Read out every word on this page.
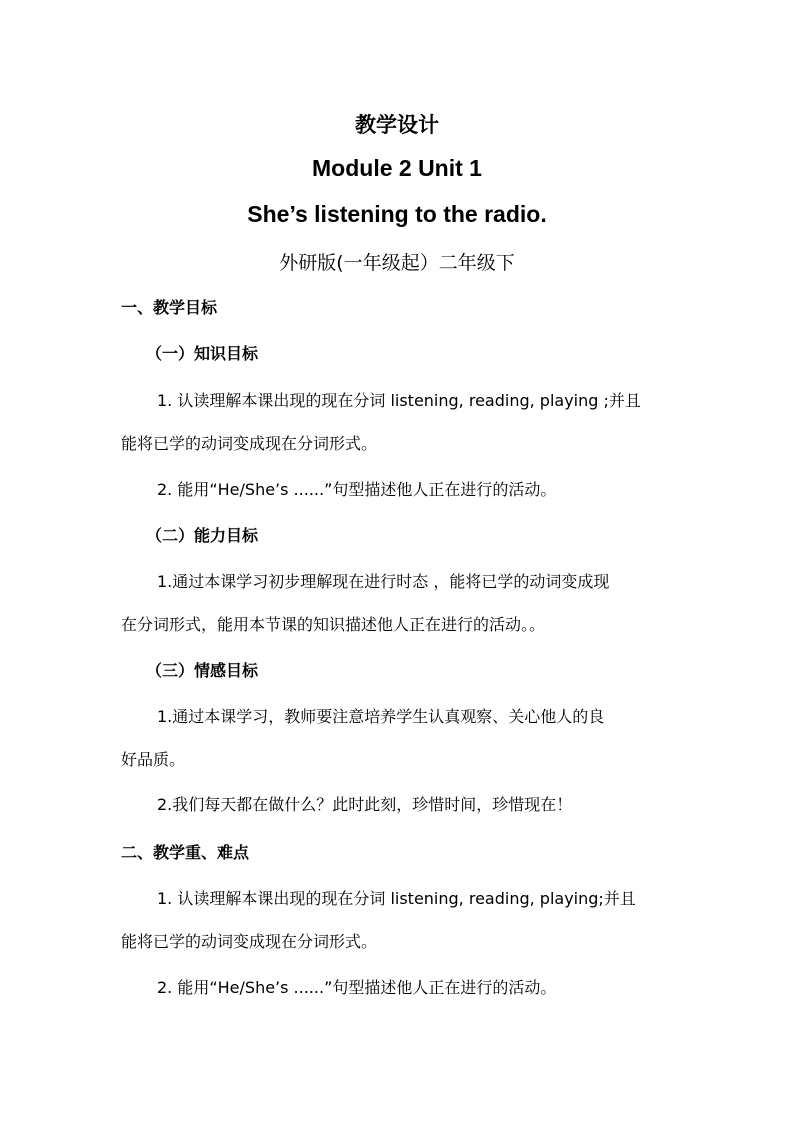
教学设计
Module 2 Unit 1
She’s listening to the radio.
外研版(一年级起）二年级下
一、教学目标
（一）知识目标
1. 认读理解本课出现的现在分词 listening, reading, playing ;并且
能将已学的动词变成现在分词形式。
2. 能用“He/She’s ......”句型描述他人正在进行的活动。
（二）能力目标
1.通过本课学习初步理解现在进行时态 ，能将已学的动词变成现
在分词形式，能用本节课的知识描述他人正在进行的活动。。
（三）情感目标
1.通过本课学习，教师要注意培养学生认真观察、关心他人的良
好品质。
2.我们每天都在做什么？此时此刻，珍惜时间，珍惜现在！
二、教学重、难点
1. 认读理解本课出现的现在分词 listening, reading, playing;并且
能将已学的动词变成现在分词形式。
2. 能用“He/She’s ......”句型描述他人正在进行的活动。
